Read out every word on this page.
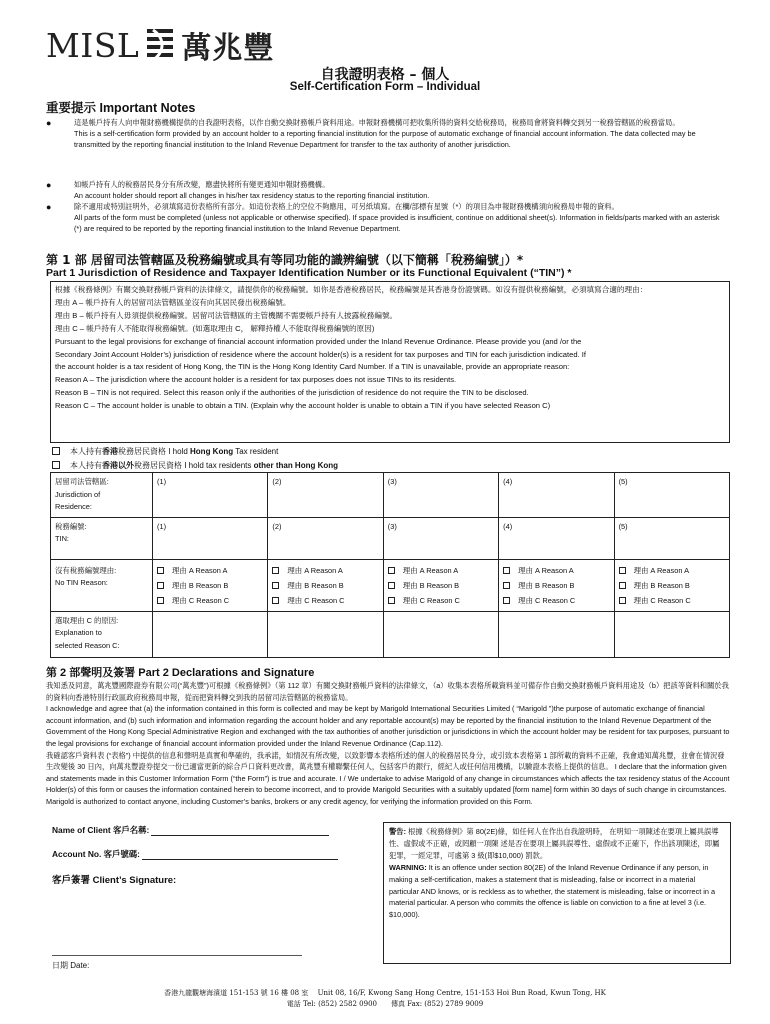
MISL 萬兆豐
自我證明表格 – 個人
Self-Certification Form – Individual
重要提示 Important Notes
●	這是帳戶持有人向申報財務機構提供的自我證明表格，以作自動交換財務帳戶資料用途。申報財務機構可把收集所得的資料交給稅務局，稅務局會將資料轉交到另一稅務管轄區的稅務當局。
This is a self-certification form provided by an account holder to a reporting financial institution for the purpose of automatic exchange of financial account information. The data collected may be transmitted by the reporting financial institution to the Inland Revenue Department for transfer to the tax authority of another jurisdiction.
●	如帳戶持有人的稅務居民身分有所改變，應盡快將所有變更通知申報財務機構。
An account holder should report all changes in his/her tax residency status to the reporting financial institution.
●	除不適用或特別註明外，必須填寫這份表格所有部分。如這份表格上的空位不夠應用，可另紙填寫。在欄/部標有星號（*）的項目為申報財務機構須向稅務局申報的資料。
All parts of the form must be completed (unless not applicable or otherwise specified). If space provided is insufficient, continue on additional sheet(s). Information in fields/parts marked with an asterisk (*) are required to be reported by the reporting financial institution to the Inland Revenue Department.
第 1 部 居留司法管轄區及稅務編號或具有等同功能的識辨編號（以下簡稱「稅務編號」）*
Part 1 Jurisdiction of Residence and Taxpayer Identification Number or its Functional Equivalent (“TIN”) *
根據《稅務條例》有關交換財務帳戶資料的法律條文，請提供你的稅務編號。如你是香港稅務居民，稅務編號是其香港身份證號碼。如沒有提供稅務編號，必須填寫合適的理由：
理由 A – 帳戶持有人的居留司法管轄區並沒有向其居民發出稅務編號。
理由 B – 帳戶持有人毋須提供稅務編號。居留司法管轄區的主管機關不需要帳戶持有人披露稅務編號。
理由 C – 帳戶持有人不能取得稅務編號。(如選取理由 C， 解釋持權人不能取得稅務編號的原因)
Pursuant to the legal provisions for exchange of financial account information provided under the Inland Revenue Ordinance. Please provide you (and /or the
Secondary Joint Account Holder’s) jurisdiction of residence where the account holder(s) is a resident for tax purposes and TIN for each jurisdiction indicated. If
the account holder is a tax resident of Hong Kong, the TIN is the Hong Kong Identity Card Number. If a TIN is unavailable, provide an appropriate reason:
Reason A – The jurisdiction where the account holder is a resident for tax purposes does not issue TINs to its residents.
Reason B – TIN is not required. Select this reason only if the authorities of the jurisdiction of residence do not require the TIN to be disclosed.
Reason C – The account holder is unable to obtain a TIN. (Explain why the account holder is unable to obtain a TIN if you have selected Reason C)
本人持有香港稅務居民資格 I hold Hong Kong Tax resident
本人持有香港以外稅務居民資格 I hold tax residents other than Hong Kong
居留司法管轄區:
Jurisdiction of
Residence:	(1)	(2)	(3)	(4)	(5)

稅務編號:
TIN:	(1)	(2)	(3)	(4)	(5)

沒有稅務編號理由:
No TIN Reason:	理由 A Reason A
理由 B Reason B
理由 C Reason C	理由 A Reason A
理由 B Reason B
理由 C Reason C	理由 A Reason A
理由 B Reason B
理由 C Reason C	理由 A Reason A
理由 B Reason B
理由 C Reason C	理由 A Reason A
理由 B Reason B
理由 C Reason C

選取理由 C 的原因:
Explanation to
selected Reason C:					

第 2 部聲明及簽署 Part 2 Declarations and Signature
我知悉及同意，萬兆豐國際證券有限公司(“萬兆豐”)可根據《稅務條例》（第 112 章）有關交換財務帳戶資料的法律條文，（a）收集本表格所載資料並可備存作自動交換財務帳戶資料用途及（b）把該等資料和關於我的資料向香港特別行政區政府稅務局申報，從而把資料轉交到我的居留司法管轄區的稅務當局。
I acknowledge and agree that (a) the information contained in this form is collected and may be kept by Marigold International Securities Limited ( “Marigold ”)the purpose of automatic exchange of financial account information, and (b) such information and information regarding the account holder and any reportable account(s) may be reported by the financial institution to the Inland Revenue Department of the Government of the Hong Kong Special Administrative Region and exchanged with the tax authorities of another jurisdiction or jurisdictions in which the account holder may be resident for tax purposes, pursuant to the legal provisions for exchange of financial account information provided under the Inland Revenue Ordinance (Cap.112).
我確認客戶資料表 (“表格”) 中提供的信息和聲明是真實和準確的，我承諾，如情況有所改變，以致影響本表格所述的個人的稅務居民身分，或引致本表格第 1 部所載的資料不正確，我會通知萬兆豐，並會在情況發生改變後 30 日內，向萬兆豐證券提交一份已適當更新的綜合戶口資料更改書，萬兆豐有權聯繫任何人，包括客戶的銀行，經紀人或任何信用機構，以驗證本表格上提供的信息。 I declare that the information given and statements made in this Customer Information Form (“the Form”) is true and accurate. I / We undertake to advise Marigold of any change in circumstances which affects the tax residency status of the Account Holder(s) of this form or causes the information contained herein to become incorrect, and to provide Marigold Securities with a suitably updated [form name] form within 30 days of such change in circumstances. Marigold is authorized to contact anyone, including Customer’s banks, brokers or any credit agency, for verifying the information provided on this Form.
Name of Client 客戶名稱:
Account No. 客戶號碼:
客戶簽署 Client’s Signature:
日期 Date:
警告: 根據《稅務條例》第 80(2E)條，如任何人在作出自我證明時， 在明知一項陳述在要項上屬具誤導性、虛假或不正確，或罔顧一項陳 述是否在要項上屬具誤導性、虛假或不正確下，作出該項陳述，即屬 犯罪，一經定罪，可處第 3 級(即$10,000) 罰款。
WARNING: It is an offence under section 80(2E) of the Inland Revenue Ordinance if any person, in making a self-certification, makes a statement that is misleading, false or incorrect in a material particular AND knows, or is reckless as to whether, the statement is misleading, false or incorrect in a material particular. A person who commits the offence is liable on conviction to a fine at level 3 (i.e. $10,000).
香港九龍觀塘海濱道 151-153 號 16 樓 08 室　 Unit 08, 16/F, Kwong Sang Hong Centre, 151-153 Hoi Bun Road, Kwun Tong, HK
電話 Tel: (852) 2582 0900　　傳真 Fax: (852) 2789 9009
